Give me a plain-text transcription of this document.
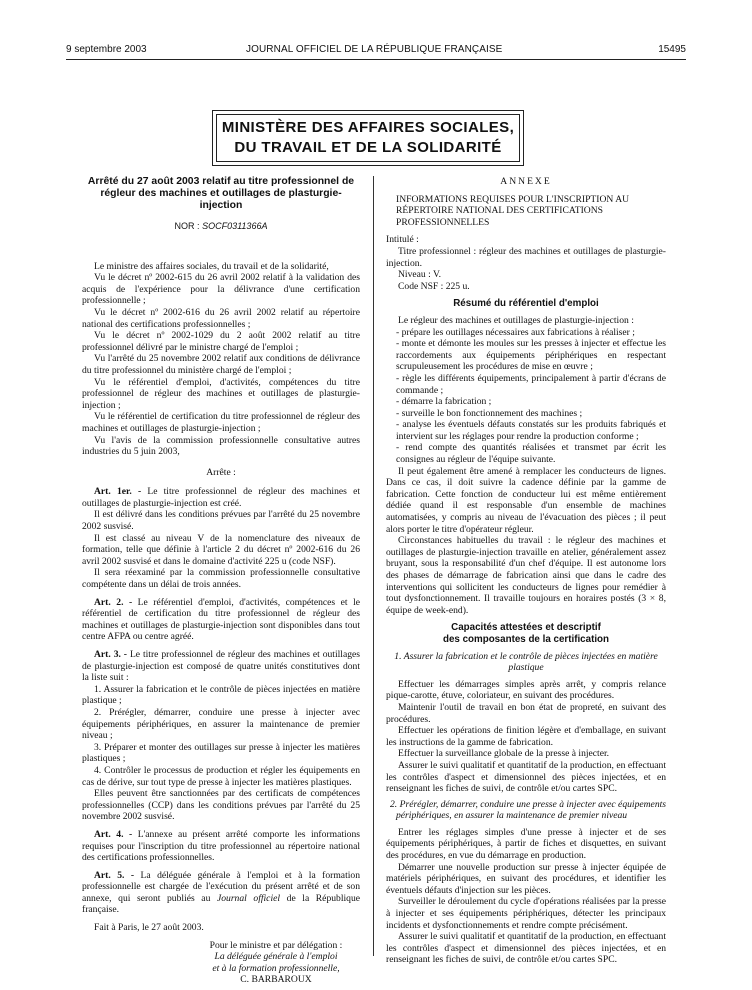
9 septembre 2003	JOURNAL OFFICIEL DE LA RÉPUBLIQUE FRANÇAISE	15495
MINISTÈRE DES AFFAIRES SOCIALES,
DU TRAVAIL ET DE LA SOLIDARITÉ
Arrêté du 27 août 2003 relatif au titre professionnel de régleur des machines et outillages de plasturgie-injection
NOR : SOCF0311366A

Le ministre des affaires sociales, du travail et de la solidarité,

Vu le décret nº 2002-615 du 26 avril 2002 relatif à la validation des acquis de l'expérience pour la délivrance d'une certification professionnelle ;

Vu le décret nº 2002-616 du 26 avril 2002 relatif au répertoire national des certifications professionnelles ;

Vu le décret nº 2002-1029 du 2 août 2002 relatif au titre professionnel délivré par le ministre chargé de l'emploi ;

Vu l'arrêté du 25 novembre 2002 relatif aux conditions de délivrance du titre professionnel du ministère chargé de l'emploi ;

Vu le référentiel d'emploi, d'activités, compétences du titre professionnel de régleur des machines et outillages de plasturgie-injection ;

Vu le référentiel de certification du titre professionnel de régleur des machines et outillages de plasturgie-injection ;

Vu l'avis de la commission professionnelle consultative autres industries du 5 juin 2003,

Arrête :

Art. 1er. - Le titre professionnel de régleur des machines et outillages de plasturgie-injection est créé.

Il est délivré dans les conditions prévues par l'arrêté du 25 novembre 2002 susvisé.

Il est classé au niveau V de la nomenclature des niveaux de formation, telle que définie à l'article 2 du décret nº 2002-616 du 26 avril 2002 susvisé et dans le domaine d'activité 225 u (code NSF).

Il sera réexaminé par la commission professionnelle consultative compétente dans un délai de trois années.

Art. 2. - Le référentiel d'emploi, d'activités, compétences et le référentiel de certification du titre professionnel de régleur des machines et outillages de plasturgie-injection sont disponibles dans tout centre AFPA ou centre agréé.

Art. 3. - Le titre professionnel de régleur des machines et outillages de plasturgie-injection est composé de quatre unités constitutives dont la liste suit :

1. Assurer la fabrication et le contrôle de pièces injectées en matière plastique ;

2. Prérégler, démarrer, conduire une presse à injecter avec équipements périphériques, en assurer la maintenance de premier niveau ;

3. Préparer et monter des outillages sur presse à injecter les matières plastiques ;

4. Contrôler le processus de production et régler les équipements en cas de dérive, sur tout type de presse à injecter les matières plastiques.

Elles peuvent être sanctionnées par des certificats de compétences professionnelles (CCP) dans les conditions prévues par l'arrêté du 25 novembre 2002 susvisé.

Art. 4. - L'annexe au présent arrêté comporte les informations requises pour l'inscription du titre professionnel au répertoire national des certifications professionnelles.

Art. 5. - La déléguée générale à l'emploi et à la formation professionnelle est chargée de l'exécution du présent arrêté et de son annexe, qui seront publiés au Journal officiel de la République française.

Fait à Paris, le 27 août 2003.

Pour le ministre et par délégation :
La déléguée générale à l'emploi
et à la formation professionnelle,
C. BARBAROUX
ANNEXE
INFORMATIONS REQUISES POUR L'INSCRIPTION AU RÉPERTOIRE NATIONAL DES CERTIFICATIONS PROFESSIONNELLES

Intitulé :

Titre professionnel : régleur des machines et outillages de plasturgie-injection.

Niveau : V.

Code NSF : 225 u.

Résumé du référentiel d'emploi

Le régleur des machines et outillages de plasturgie-injection :

- prépare les outillages nécessaires aux fabrications à réaliser ;

- monte et démonte les moules sur les presses à injecter et effectue les raccordements aux équipements périphériques en respectant scrupuleusement les procédures de mise en œuvre ;

- règle les différents équipements, principalement à partir d'écrans de commande ;

- démarre la fabrication ;

- surveille le bon fonctionnement des machines ;

- analyse les éventuels défauts constatés sur les produits fabriqués et intervient sur les réglages pour rendre la production conforme ;

- rend compte des quantités réalisées et transmet par écrit les consignes au régleur de l'équipe suivante.

Il peut également être amené à remplacer les conducteurs de lignes. Dans ce cas, il doit suivre la cadence définie par la gamme de fabrication. Cette fonction de conducteur lui est même entièrement dédiée quand il est responsable d'un ensemble de machines automatisées, y compris au niveau de l'évacuation des pièces ; il peut alors porter le titre d'opérateur régleur.

Circonstances habituelles du travail : le régleur des machines et outillages de plasturgie-injection travaille en atelier, généralement assez bruyant, sous la responsabilité d'un chef d'équipe. Il est autonome lors des phases de démarrage de fabrication ainsi que dans le cadre des interventions qui sollicitent les conducteurs de lignes pour remédier à tout dysfonctionnement. Il travaille toujours en horaires postés (3 × 8, équipe de week-end).

Capacités attestées et descriptif
des composantes de la certification
1. Assurer la fabrication et le contrôle de pièces injectées en matière plastique

Effectuer les démarrages simples après arrêt, y compris relance pique-carotte, étuve, coloriateur, en suivant des procédures.

Maintenir l'outil de travail en bon état de propreté, en suivant des procédures.

Effectuer les opérations de finition légère et d'emballage, en suivant les instructions de la gamme de fabrication.

Effectuer la surveillance globale de la presse à injecter.

Assurer le suivi qualitatif et quantitatif de la production, en effectuant les contrôles d'aspect et dimensionnel des pièces injectées, et en renseignant les fiches de suivi, de contrôle et/ou cartes SPC.

2. Prérégler, démarrer, conduire une presse à injecter avec équipements périphériques, en assurer la maintenance de premier niveau

Entrer les réglages simples d'une presse à injecter et de ses équipements périphériques, à partir de fiches et disquettes, en suivant des procédures, en vue du démarrage en production.

Démarrer une nouvelle production sur presse à injecter équipée de matériels périphériques, en suivant des procédures, et identifier les éventuels défauts d'injection sur les pièces.

Surveiller le déroulement du cycle d'opérations réalisées par la presse à injecter et ses équipements périphériques, détecter les principaux incidents et dysfonctionnements et rendre compte précisément.

Assurer le suivi qualitatif et quantitatif de la production, en effectuant les contrôles d'aspect et dimensionnel des pièces injectées, et en renseignant les fiches de suivi, de contrôle et/ou cartes SPC.
